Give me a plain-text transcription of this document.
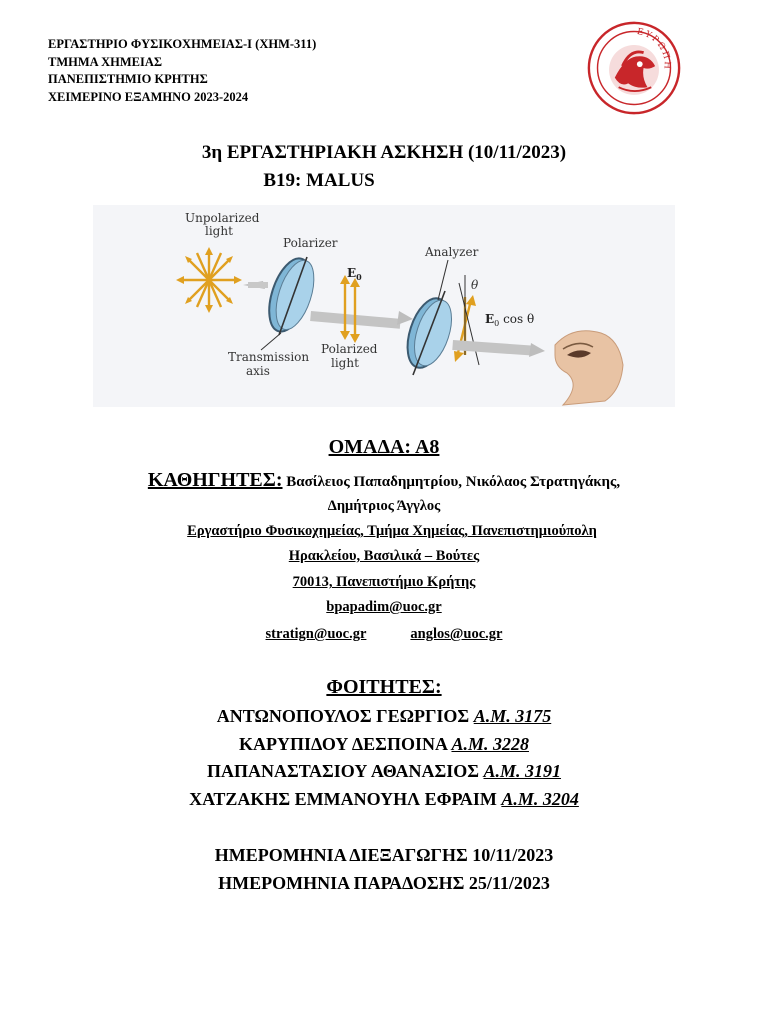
ΕΡΓΑΣΤΗΡΙΟ ΦΥΣΙΚΟΧΗΜΕΙΑΣ-Ι (ΧΗΜ-311)
ΤΜΗΜΑ ΧΗΜΕΙΑΣ
ΠΑΝΕΠΙΣΤΗΜΙΟ ΚΡΗΤΗΣ
ΧΕΙΜΕΡΙΝΟ ΕΞΑΜΗΝΟ 2023-2024
ΕΥΡΩΠΗ
3η ΕΡΓΑΣΤΗΡΙΑΚΗ ΑΣΚΗΣΗ (10/11/2023)
B19: MALUS
Unpolarized
light
Polarizer
$E_0$
Analyzer
θ
$E_0$ cos θ
Transmission
axis
Polarized
light
ΟΜΑΔΑ: Α8
ΚΑΘΗΓΗΤΕΣ: Βασίλειος Παπαδημητρίου, Νικόλαος Στρατηγάκης,
Δημήτριος Άγγλος
Εργαστήριο Φυσικοχημείας, Τμήμα Χημείας, Πανεπιστημιούπολη
Ηρακλείου, Βασιλικά – Βούτες
70013, Πανεπιστήμιο Κρήτης
bpapadim@uoc.gr
stratign@uoc.gr	anglos@uoc.gr
ΦΟΙΤΗΤΕΣ:
ΑΝΤΩΝΟΠΟΥΛΟΣ ΓΕΩΡΓΙΟΣ Α.Μ. 3175
ΚΑΡΥΠΙΔΟΥ ΔΕΣΠΟΙΝΑ Α.Μ. 3228
ΠΑΠΑΝΑΣΤΑΣΙΟΥ ΑΘΑΝΑΣΙΟΣ Α.Μ. 3191
ΧΑΤΖΑΚΗΣ ΕΜΜΑΝΟΥΗΛ ΕΦΡΑΙΜ Α.Μ. 3204
ΗΜΕΡΟΜΗΝΙΑ ΔΙΕΞΑΓΩΓΗΣ 10/11/2023
ΗΜΕΡΟΜΗΝΙΑ ΠΑΡΑΔΟΣΗΣ 25/11/2023
